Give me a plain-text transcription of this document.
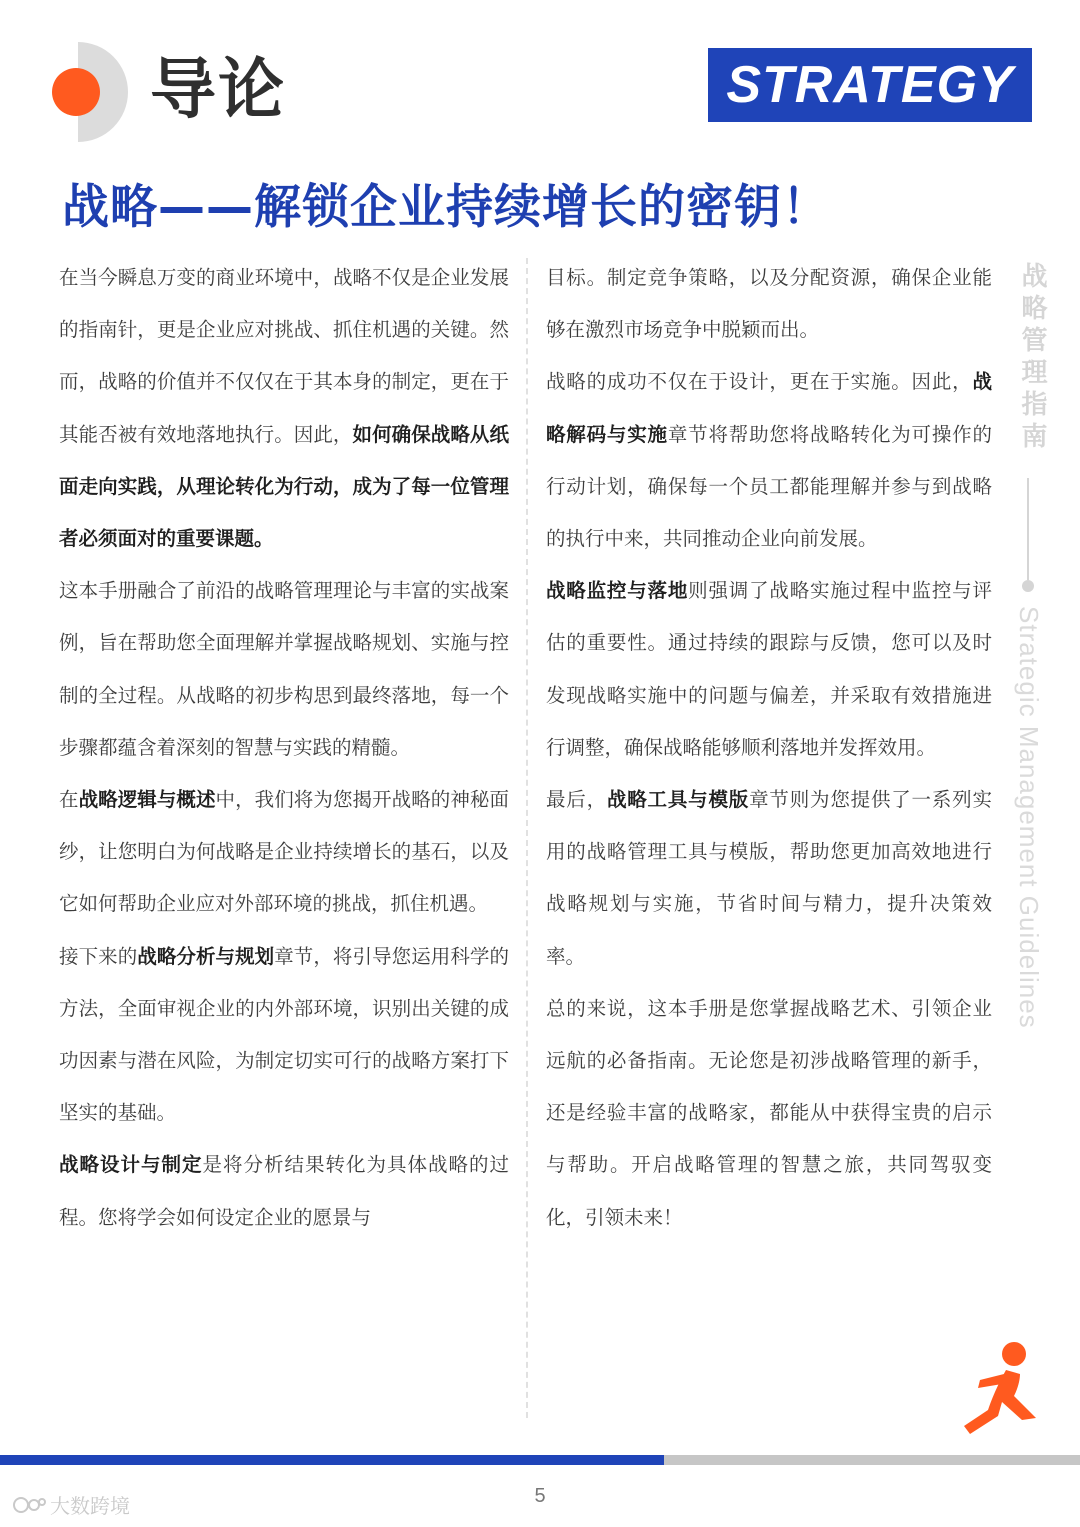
导论	STRATEGY
战略——解锁企业持续增长的密钥！

在当今瞬息万变的商业环境中，战略不仅是企业发展的指南针，更是企业应对挑战、抓住机遇的关键。然而，战略的价值并不仅仅在于其本身的制定，更在于其能否被有效地落地执行。因此，如何确保战略从纸面走向实践，从理论转化为行动，成为了每一位管理者必须面对的重要课题。

这本手册融合了前沿的战略管理理论与丰富的实战案例，旨在帮助您全面理解并掌握战略规划、实施与控制的全过程。从战略的初步构思到最终落地，每一个步骤都蕴含着深刻的智慧与实践的精髓。

在战略逻辑与概述中，我们将为您揭开战略的神秘面纱，让您明白为何战略是企业持续增长的基石，以及它如何帮助企业应对外部环境的挑战，抓住机遇。

接下来的战略分析与规划章节，将引导您运用科学的方法，全面审视企业的内外部环境，识别出关键的成功因素与潜在风险，为制定切实可行的战略方案打下坚实的基础。

战略设计与制定是将分析结果转化为具体战略的过程。您将学会如何设定企业的愿景与

目标。制定竞争策略，以及分配资源，确保企业能够在激烈市场竞争中脱颖而出。

战略的成功不仅在于设计，更在于实施。因此，战略解码与实施章节将帮助您将战略转化为可操作的行动计划，确保每一个员工都能理解并参与到战略的执行中来，共同推动企业向前发展。

战略监控与落地则强调了战略实施过程中监控与评估的重要性。通过持续的跟踪与反馈，您可以及时发现战略实施中的问题与偏差，并采取有效措施进行调整，确保战略能够顺利落地并发挥效用。

最后，战略工具与模版章节则为您提供了一系列实用的战略管理工具与模版，帮助您更加高效地进行战略规划与实施，节省时间与精力，提升决策效率。

总的来说，这本手册是您掌握战略艺术、引领企业远航的必备指南。无论您是初涉战略管理的新手，还是经验丰富的战略家，都能从中获得宝贵的启示与帮助。开启战略管理的智慧之旅，共同驾驭变化，引领未来！

战略管理指南
Strategic Management Guidelines
5
大数跨境
